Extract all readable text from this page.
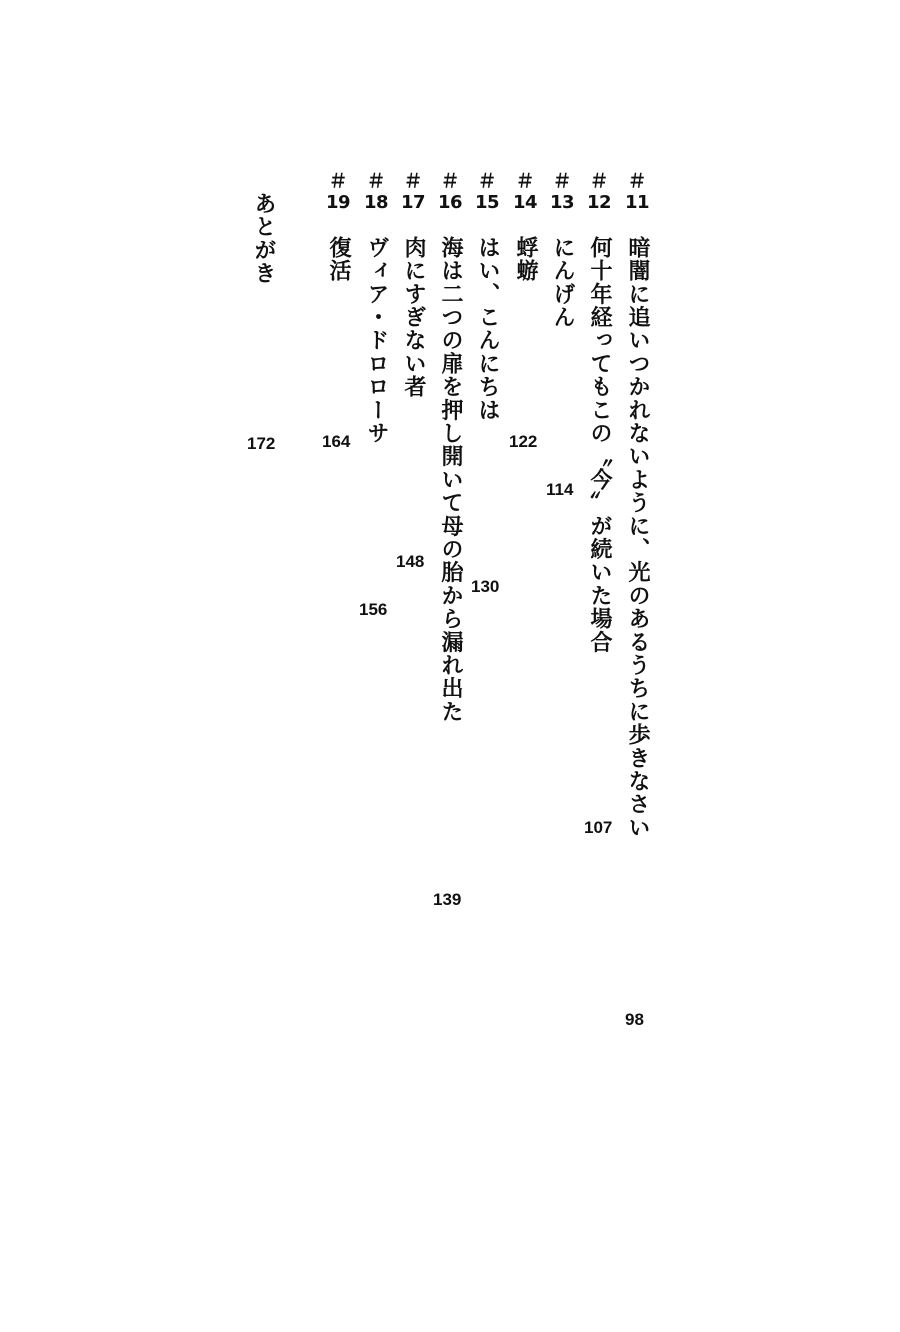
＃
11
暗闇に追いつかれないように、光のあるうちに歩きなさい
98
＃
12
何十年経ってもこの〝今〟が続いた場合
107
＃
13
にんげん
114
＃
14
蜉蝣
122
＃
15
はい、こんにちは
130
＃
16
海は二つの扉を押し開いて母の胎から漏れ出た
139
＃
17
肉にすぎない者
148
＃
18
ヴィア・ドロローサ
156
＃
19
復活
164
あとがき
172
